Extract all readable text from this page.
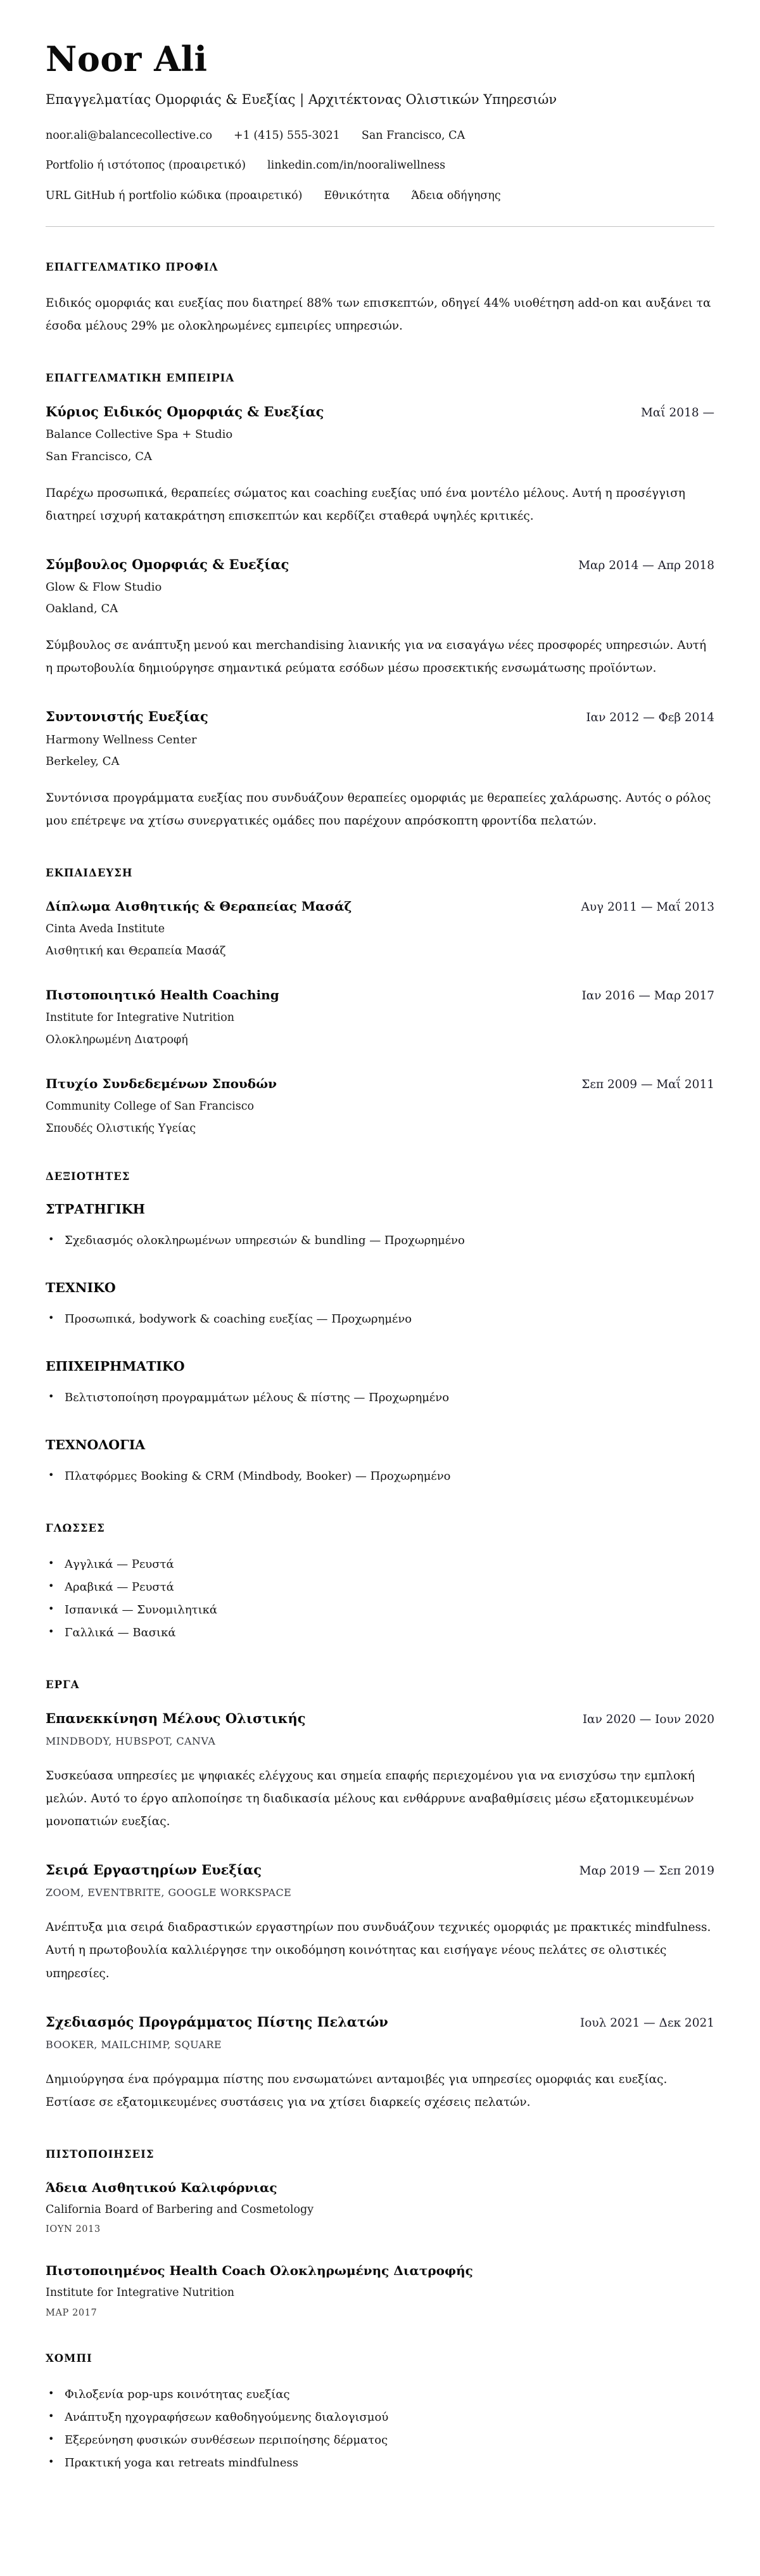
Noor Ali

Επαγγελματίας Ομορφιάς & Ευεξίας | Αρχιτέκτονας Ολιστικών Υπηρεσιών

noor.ali@balancecollective.co +1 (415) 555-3021 San Francisco, CA
Portfolio ή ιστότοπος (προαιρετικό) linkedin.com/in/nooraliwellness
URL GitHub ή portfolio κώδικα (προαιρετικό) Εθνικότητα Άδεια οδήγησης
ΕΠΑΓΓΕΛΜΑΤΙΚΟ ΠΡΟΦΙΛ

Ειδικός ομορφιάς και ευεξίας που διατηρεί 88% των επισκεπτών, οδηγεί 44% υιοθέτηση add-on και αυξάνει τα έσοδα μέλους 29% με ολοκληρωμένες εμπειρίες υπηρεσιών.

ΕΠΑΓΓΕΛΜΑΤΙΚΗ ΕΜΠΕΙΡΙΑ
Κύριος Ειδικός Ομορφιάς & Ευεξίας	Μαΐ 2018 —
Balance Collective Spa + Studio
San Francisco, CA

Παρέχω προσωπικά, θεραπείες σώματος και coaching ευεξίας υπό ένα μοντέλο μέλους. Αυτή η προσέγγιση διατηρεί ισχυρή κατακράτηση επισκεπτών και κερδίζει σταθερά υψηλές κριτικές.

Σύμβουλος Ομορφιάς & Ευεξίας	Μαρ 2014 — Απρ 2018
Glow & Flow Studio
Oakland, CA

Σύμβουλος σε ανάπτυξη μενού και merchandising λιανικής για να εισαγάγω νέες προσφορές υπηρεσιών. Αυτή η πρωτοβουλία δημιούργησε σημαντικά ρεύματα εσόδων μέσω προσεκτικής ενσωμάτωσης προϊόντων.

Συντονιστής Ευεξίας	Ιαν 2012 — Φεβ 2014
Harmony Wellness Center
Berkeley, CA

Συντόνισα προγράμματα ευεξίας που συνδυάζουν θεραπείες ομορφιάς με θεραπείες χαλάρωσης. Αυτός ο ρόλος μου επέτρεψε να χτίσω συνεργατικές ομάδες που παρέχουν απρόσκοπτη φροντίδα πελατών.

ΕΚΠΑΙΔΕΥΣΗ
Δίπλωμα Αισθητικής & Θεραπείας Μασάζ	Αυγ 2011 — Μαΐ 2013
Cinta Aveda Institute
Αισθητική και Θεραπεία Μασάζ
Πιστοποιητικό Health Coaching	Ιαν 2016 — Μαρ 2017
Institute for Integrative Nutrition
Ολοκληρωμένη Διατροφή
Πτυχίο Συνδεδεμένων Σπουδών	Σεπ 2009 — Μαΐ 2011
Community College of San Francisco
Σπουδές Ολιστικής Υγείας
ΔΕΞΙΟΤΗΤΕΣ
ΣΤΡΑΤΗΓΙΚΗ
• Σχεδιασμός ολοκληρωμένων υπηρεσιών & bundling — Προχωρημένο
ΤΕΧΝΙΚΟ
• Προσωπικά, bodywork & coaching ευεξίας — Προχωρημένο
ΕΠΙΧΕΙΡΗΜΑΤΙΚΟ
• Βελτιστοποίηση προγραμμάτων μέλους & πίστης — Προχωρημένο
ΤΕΧΝΟΛΟΓΙΑ
• Πλατφόρμες Booking & CRM (Mindbody, Booker) — Προχωρημένο
ΓΛΩΣΣΕΣ
• Αγγλικά — Ρευστά
• Αραβικά — Ρευστά
• Ισπανικά — Συνομιλητικά
• Γαλλικά — Βασικά
ΕΡΓΑ
Επανεκκίνηση Μέλους Ολιστικής	Ιαν 2020 — Ιουν 2020
MINDBODY, HUBSPOT, CANVA

Συσκεύασα υπηρεσίες με ψηφιακές ελέγχους και σημεία επαφής περιεχομένου για να ενισχύσω την εμπλοκή μελών. Αυτό το έργο απλοποίησε τη διαδικασία μέλους και ενθάρρυνε αναβαθμίσεις μέσω εξατομικευμένων μονοπατιών ευεξίας.

Σειρά Εργαστηρίων Ευεξίας	Μαρ 2019 — Σεπ 2019
ZOOM, EVENTBRITE, GOOGLE WORKSPACE

Ανέπτυξα μια σειρά διαδραστικών εργαστηρίων που συνδυάζουν τεχνικές ομορφιάς με πρακτικές mindfulness. Αυτή η πρωτοβουλία καλλιέργησε την οικοδόμηση κοινότητας και εισήγαγε νέους πελάτες σε ολιστικές υπηρεσίες.

Σχεδιασμός Προγράμματος Πίστης Πελατών	Ιουλ 2021 — Δεκ 2021
BOOKER, MAILCHIMP, SQUARE

Δημιούργησα ένα πρόγραμμα πίστης που ενσωματώνει ανταμοιβές για υπηρεσίες ομορφιάς και ευεξίας. Εστίασε σε εξατομικευμένες συστάσεις για να χτίσει διαρκείς σχέσεις πελατών.

ΠΙΣΤΟΠΟΙΗΣΕΙΣ
Άδεια Αισθητικού Καλιφόρνιας
California Board of Barbering and Cosmetology
ΙΟΥΝ 2013
Πιστοποιημένος Health Coach Ολοκληρωμένης Διατροφής
Institute for Integrative Nutrition
ΜΑΡ 2017
ΧΟΜΠΙ
• Φιλοξενία pop-ups κοινότητας ευεξίας
• Ανάπτυξη ηχογραφήσεων καθοδηγούμενης διαλογισμού
• Εξερεύνηση φυσικών συνθέσεων περιποίησης δέρματος
• Πρακτική yoga και retreats mindfulness
